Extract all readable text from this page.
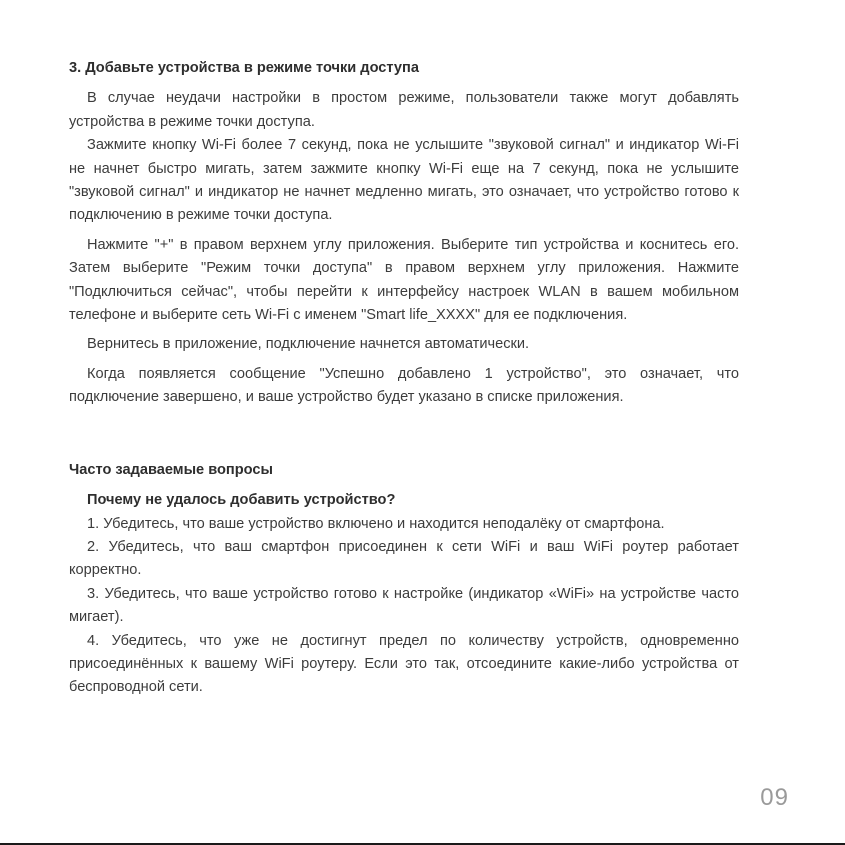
3. Добавьте устройства в режиме точки доступа

В случае неудачи настройки в простом режиме, пользователи также могут добавлять устройства в режиме точки доступа.

Зажмите кнопку Wi-Fi более 7 секунд, пока не услышите "звуковой сигнал" и индикатор Wi-Fi не начнет быстро мигать, затем зажмите кнопку Wi-Fi еще на 7 секунд, пока не услышите "звуковой сигнал" и индикатор не начнет медленно мигать, это означает, что устройство готово к подключению в режиме точки доступа.

Нажмите "+" в правом верхнем углу приложения. Выберите тип устройства и коснитесь его. Затем выберите "Режим точки доступа" в правом верхнем углу приложения. Нажмите "Подключиться сейчас", чтобы перейти к интерфейсу настроек WLAN в вашем мобильном телефоне и выберите сеть Wi-Fi с именем "Smart life_XXXX" для ее подключения.

Вернитесь в приложение, подключение начнется автоматически.

Когда появляется сообщение "Успешно добавлено 1 устройство", это означает, что подключение завершено, и ваше устройство будет указано в списке приложения.

Часто задаваемые вопросы
Почему не удалось добавить устройство?

1. Убедитесь, что ваше устройство включено и находится неподалёку от смартфона.

2. Убедитесь, что ваш смартфон присоединен к сети WiFi и ваш WiFi роутер работает корректно.

3. Убедитесь, что ваше устройство готово к настройке (индикатор «WiFi» на устройстве часто мигает).

4. Убедитесь, что уже не достигнут предел по количеству устройств, одновременно присоединённых к вашему WiFi роутеру. Если это так, отсоедините какие-либо устройства от беспроводной сети.

09
